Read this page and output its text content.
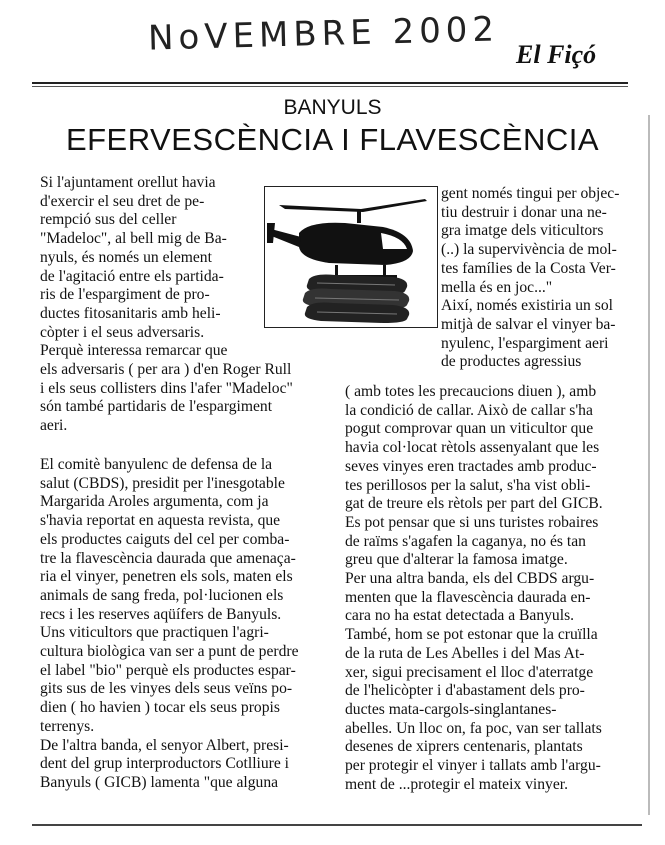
NoVEMBRE 2002 El Fiçó
BANYULS
EFERVESCÈNCIA I FLAVESCÈNCIA
Si l'ajuntament orellut havia
d'exercir el seu dret de pe-
rempció sus del celler
"Madeloc", al bell mig de Ba-
nyuls, és només un element
de l'agitació entre els partida-
ris de l'espargiment de pro-
ductes fitosanitaris amb heli-
còpter i el seus adversaris.
Perquè interessa remarcar que
els adversaris ( per ara ) d'en Roger Rull
i els seus collisters dins l'afer "Madeloc"
són també partidaris de l'espargiment
aeri.
El comitè banyulenc de defensa de la
salut (CBDS), presidit per l'inesgotable
Margarida Aroles argumenta, com ja
s'havia reportat en aquesta revista, que
els productes caiguts del cel per comba-
tre la flavescència daurada que amenaça-
ria el vinyer, penetren els sols, maten els
animals de sang freda, pol·lucionen els
recs i les reserves aqüífers de Banyuls.
Uns viticultors que practiquen l'agri-
cultura biològica van ser a punt de perdre
el label "bio" perquè els productes espar-
gits sus de les vinyes dels seus veïns po-
dien ( ho havien ) tocar els seus propis
terrenys.
De l'altra banda, el senyor Albert, presi-
dent del grup interproductors Cotlliure i
Banyuls ( GICB) lamenta "que alguna
gent només tingui per objec-
tiu destruir i donar una ne-
gra imatge dels viticultors
(..) la supervivència de mol-
tes famílies de la Costa Ver-
mella és en joc..."
Així, només existiria un sol
mitjà de salvar el vinyer ba-
nyulenc, l'espargiment aeri
de productes agressius
( amb totes les precaucions diuen ), amb
la condició de callar. Això de callar s'ha
pogut comprovar quan un viticultor que
havia col·locat rètols assenyalant que les
seves vinyes eren tractades amb produc-
tes perillosos per la salut, s'ha vist obli-
gat de treure els rètols per part del GICB.
Es pot pensar que si uns turistes robaires
de raïms s'agafen la caganya, no és tan
greu que d'alterar la famosa imatge.
Per una altra banda, els del CBDS argu-
menten que la flavescència daurada en-
cara no ha estat detectada a Banyuls.
També, hom se pot estonar que la cruïlla
de la ruta de Les Abelles i del Mas At-
xer, sigui precisament el lloc d'aterratge
de l'helicòpter i d'abastament dels pro-
ductes mata-cargols-singlantanes-
abelles. Un lloc on, fa poc, van ser tallats
desenes de xiprers centenaris, plantats
per protegir el vinyer i tallats amb l'argu-
ment de ...protegir el mateix vinyer.
